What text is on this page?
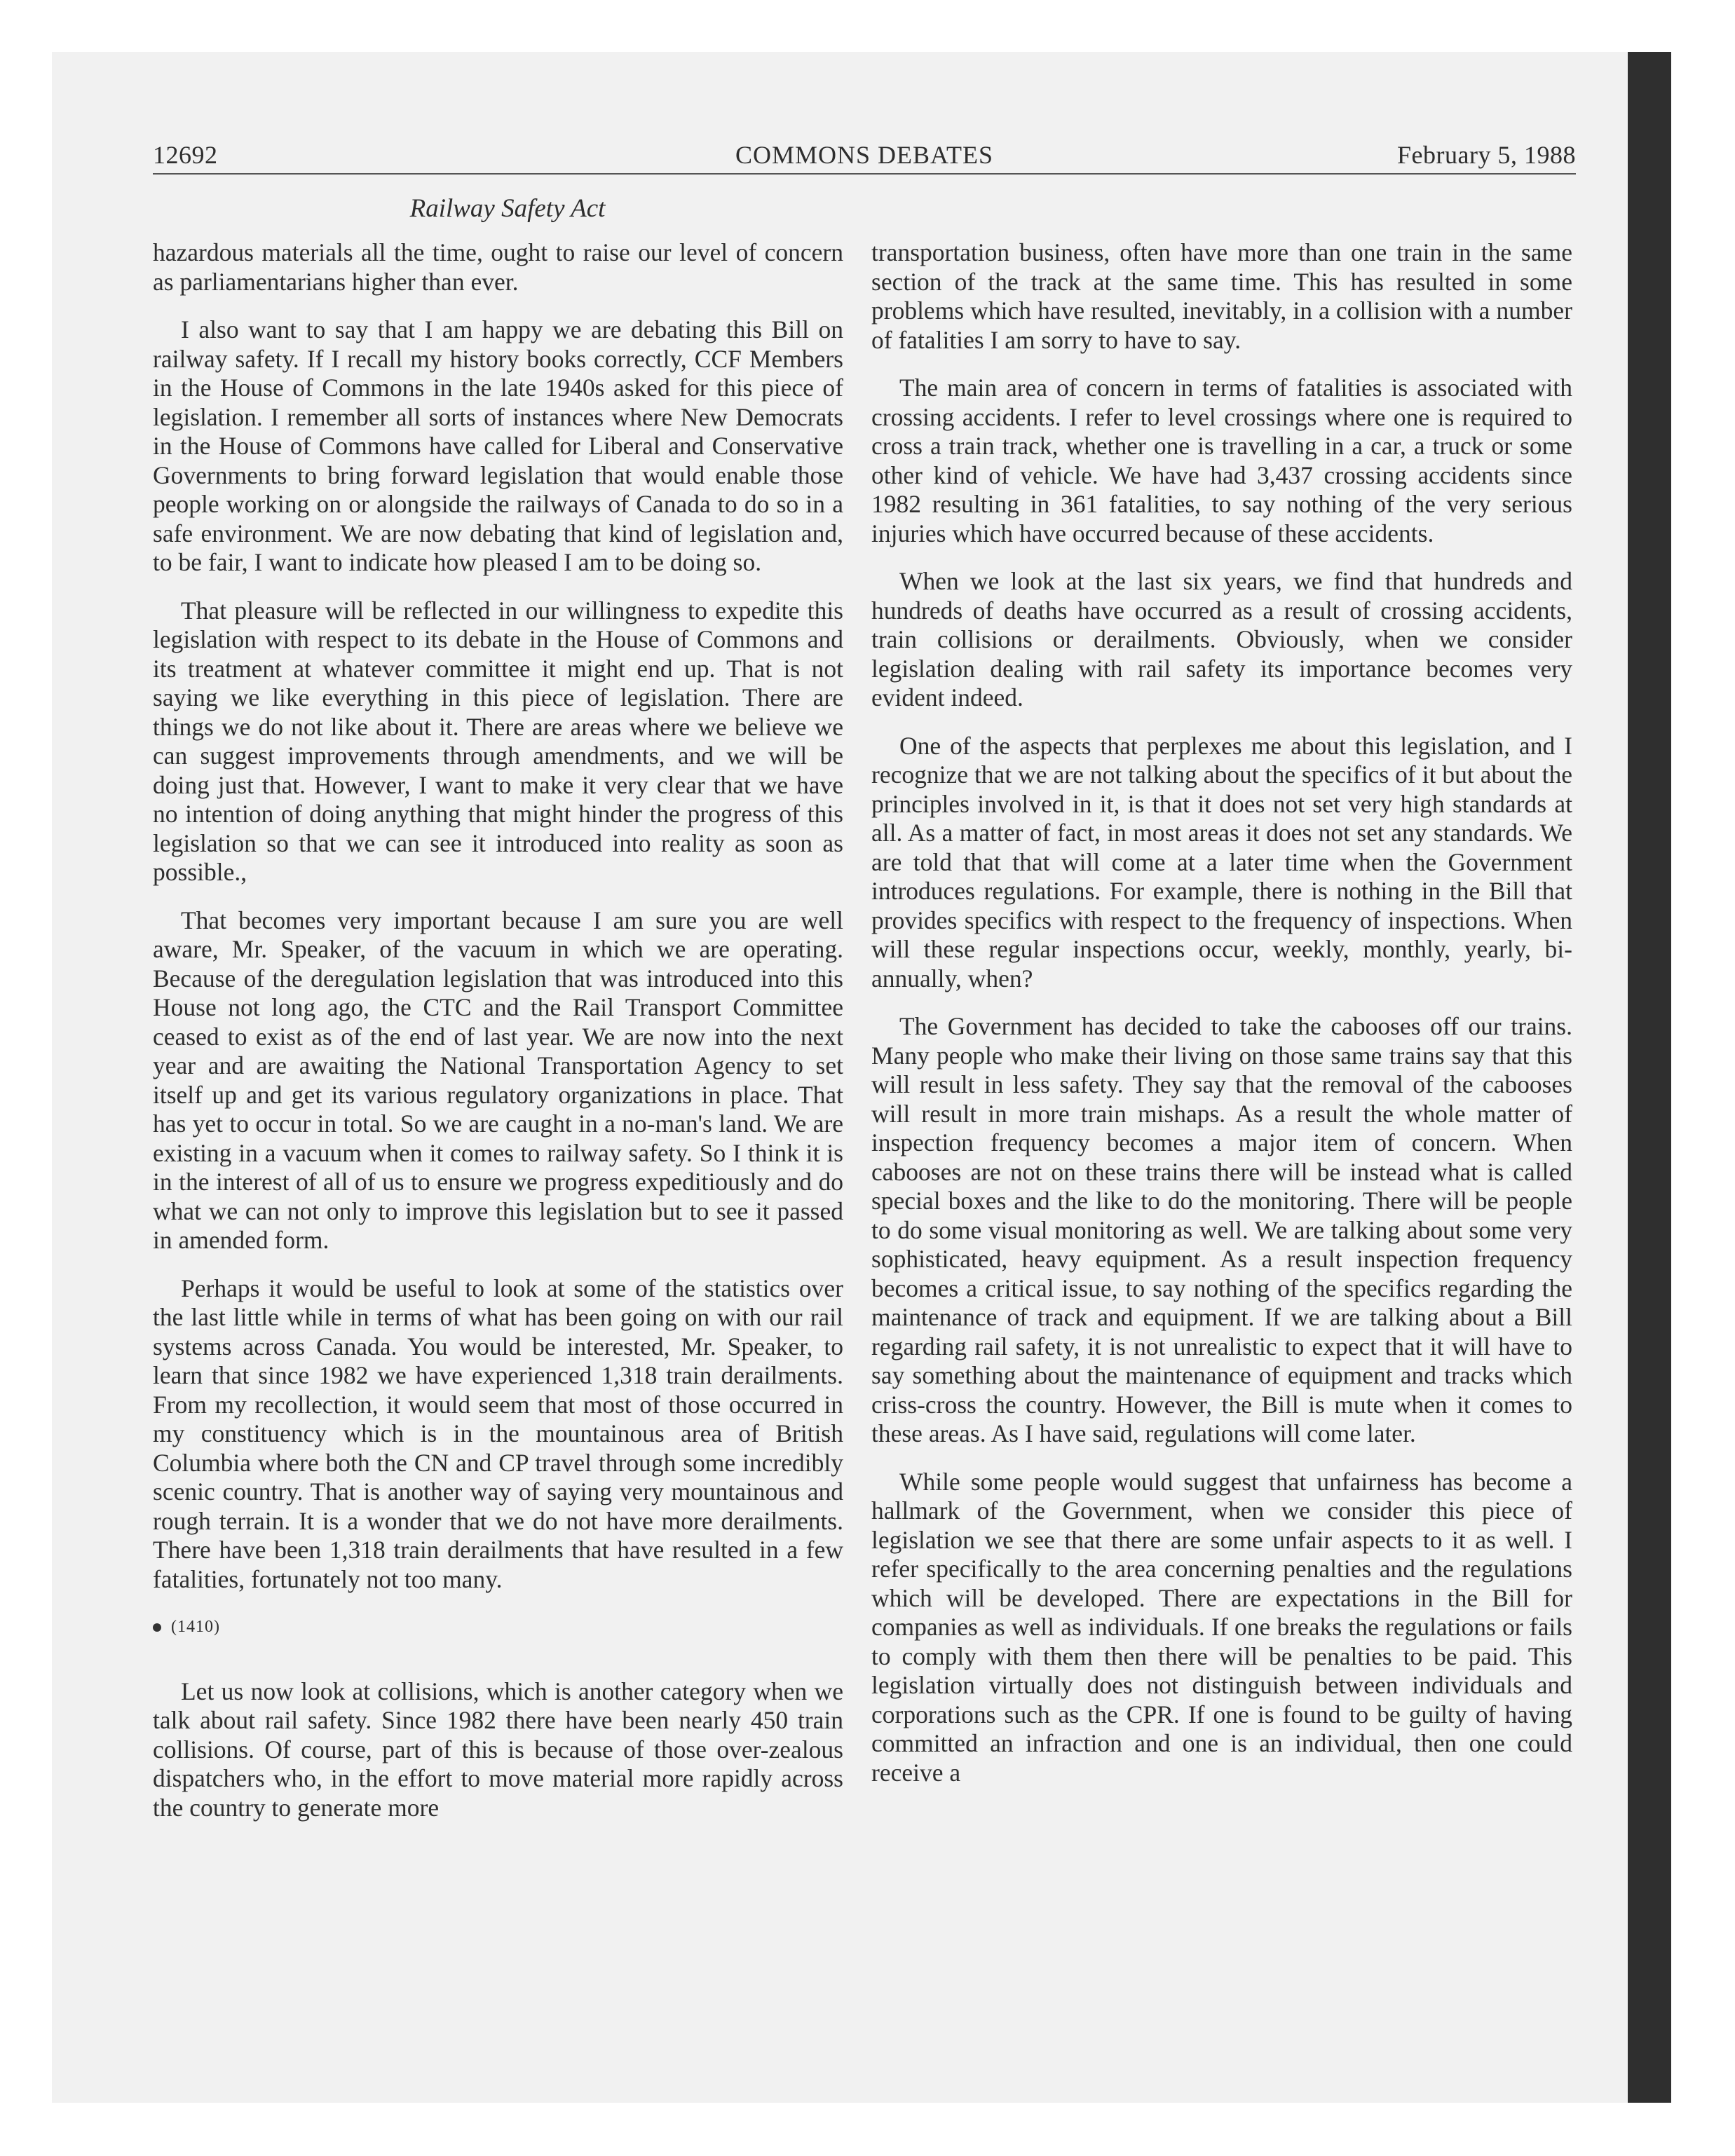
12692	COMMONS DEBATES	February 5, 1988
Railway Safety Act

hazardous materials all the time, ought to raise our level of concern as parliamentarians higher than ever.

I also want to say that I am happy we are debating this Bill on railway safety. If I recall my history books correctly, CCF Members in the House of Commons in the late 1940s asked for this piece of legislation. I remember all sorts of instances where New Democrats in the House of Commons have called for Liberal and Conservative Governments to bring forward legislation that would enable those people working on or alongside the railways of Canada to do so in a safe environment. We are now debating that kind of legislation and, to be fair, I want to indicate how pleased I am to be doing so.

That pleasure will be reflected in our willingness to expedite this legislation with respect to its debate in the House of Commons and its treatment at whatever committee it might end up. That is not saying we like everything in this piece of legislation. There are things we do not like about it. There are areas where we believe we can suggest improvements through amendments, and we will be doing just that. However, I want to make it very clear that we have no intention of doing anything that might hinder the progress of this legislation so that we can see it introduced into reality as soon as possible.,

That becomes very important because I am sure you are well aware, Mr. Speaker, of the vacuum in which we are operating. Because of the deregulation legislation that was introduced into this House not long ago, the CTC and the Rail Transport Committee ceased to exist as of the end of last year. We are now into the next year and are awaiting the National Transportation Agency to set itself up and get its various regulatory organizations in place. That has yet to occur in total. So we are caught in a no-man's land. We are existing in a vacuum when it comes to railway safety. So I think it is in the interest of all of us to ensure we progress expeditiously and do what we can not only to improve this legislation but to see it passed in amended form.

Perhaps it would be useful to look at some of the statistics over the last little while in terms of what has been going on with our rail systems across Canada. You would be interested, Mr. Speaker, to learn that since 1982 we have experienced 1,318 train derailments. From my recollection, it would seem that most of those occurred in my constituency which is in the mountainous area of British Columbia where both the CN and CP travel through some incredibly scenic country. That is another way of saying very mountainous and rough terrain. It is a wonder that we do not have more derailments. There have been 1,318 train derailments that have resulted in a few fatalities, fortunately not too many.

(1410)

Let us now look at collisions, which is another category when we talk about rail safety. Since 1982 there have been nearly 450 train collisions. Of course, part of this is because of those over-zealous dispatchers who, in the effort to move material more rapidly across the country to generate more

transportation business, often have more than one train in the same section of the track at the same time. This has resulted in some problems which have resulted, inevitably, in a collision with a number of fatalities I am sorry to have to say.

The main area of concern in terms of fatalities is associated with crossing accidents. I refer to level crossings where one is required to cross a train track, whether one is travelling in a car, a truck or some other kind of vehicle. We have had 3,437 crossing accidents since 1982 resulting in 361 fatalities, to say nothing of the very serious injuries which have occurred because of these accidents.

When we look at the last six years, we find that hundreds and hundreds of deaths have occurred as a result of crossing accidents, train collisions or derailments. Obviously, when we consider legislation dealing with rail safety its importance becomes very evident indeed.

One of the aspects that perplexes me about this legislation, and I recognize that we are not talking about the specifics of it but about the principles involved in it, is that it does not set very high standards at all. As a matter of fact, in most areas it does not set any standards. We are told that that will come at a later time when the Government introduces regulations. For example, there is nothing in the Bill that provides specifics with respect to the frequency of inspections. When will these regular inspections occur, weekly, monthly, yearly, bi-annually, when?

The Government has decided to take the cabooses off our trains. Many people who make their living on those same trains say that this will result in less safety. They say that the removal of the cabooses will result in more train mishaps. As a result the whole matter of inspection frequency becomes a major item of concern. When cabooses are not on these trains there will be instead what is called special boxes and the like to do the monitoring. There will be people to do some visual monitoring as well. We are talking about some very sophisticated, heavy equipment. As a result inspection frequency becomes a critical issue, to say nothing of the specifics regarding the maintenance of track and equipment. If we are talking about a Bill regarding rail safety, it is not unrealistic to expect that it will have to say something about the maintenance of equipment and tracks which criss-cross the country. However, the Bill is mute when it comes to these areas. As I have said, regulations will come later.

While some people would suggest that unfairness has become a hallmark of the Government, when we consider this piece of legislation we see that there are some unfair aspects to it as well. I refer specifically to the area concerning penalties and the regulations which will be developed. There are expectations in the Bill for companies as well as individuals. If one breaks the regulations or fails to comply with them then there will be penalties to be paid. This legislation virtually does not distinguish between individuals and corporations such as the CPR. If one is found to be guilty of having committed an infraction and one is an individual, then one could receive a
